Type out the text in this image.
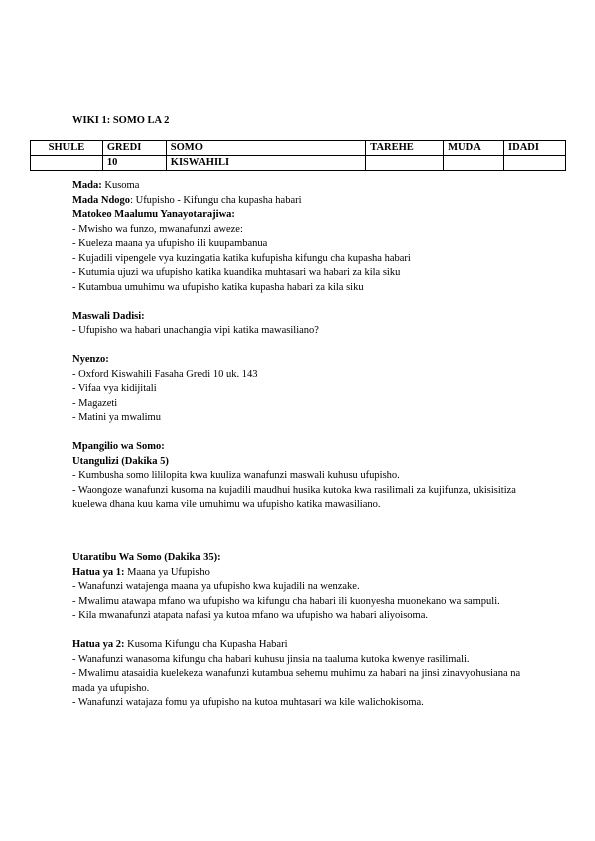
WIKI 1: SOMO LA 2
SHULE	GREDI	SOMO	TAREHE	MUDA	IDADI
	10	KISWAHILI			

Mada: Kusoma

Mada Ndogo: Ufupisho - Kifungu cha kupasha habari

Matokeo Maalumu Yanayotarajiwa:

- Mwisho wa funzo, mwanafunzi aweze:

- Kueleza maana ya ufupisho ili kuupambanua

- Kujadili vipengele vya kuzingatia katika kufupisha kifungu cha kupasha habari

- Kutumia ujuzi wa ufupisho katika kuandika muhtasari wa habari za kila siku

- Kutambua umuhimu wa ufupisho katika kupasha habari za kila siku

Maswali Dadisi:

- Ufupisho wa habari unachangia vipi katika mawasiliano?

Nyenzo:

- Oxford Kiswahili Fasaha Gredi 10 uk. 143

- Vifaa vya kidijitali

- Magazeti

- Matini ya mwalimu

Mpangilio wa Somo:

Utangulizi (Dakika 5)

- Kumbusha somo lililopita kwa kuuliza wanafunzi maswali kuhusu ufupisho.

- Waongoze wanafunzi kusoma na kujadili maudhui husika kutoka kwa rasilimali za kujifunza, ukisisitiza kuelewa dhana kuu kama vile umuhimu wa ufupisho katika mawasiliano.

Utaratibu Wa Somo (Dakika 35):

Hatua ya 1: Maana ya Ufupisho

- Wanafunzi watajenga maana ya ufupisho kwa kujadili na wenzake.

- Mwalimu atawapa mfano wa ufupisho wa kifungu cha habari ili kuonyesha muonekano wa sampuli.

- Kila mwanafunzi atapata nafasi ya kutoa mfano wa ufupisho wa habari aliyoisoma.

Hatua ya 2: Kusoma Kifungu cha Kupasha Habari

- Wanafunzi wanasoma kifungu cha habari kuhusu jinsia na taaluma kutoka kwenye rasilimali.

- Mwalimu atasaidia kuelekeza wanafunzi kutambua sehemu muhimu za habari na jinsi zinavyohusiana na mada ya ufupisho.

- Wanafunzi watajaza fomu ya ufupisho na kutoa muhtasari wa kile walichokisoma.
